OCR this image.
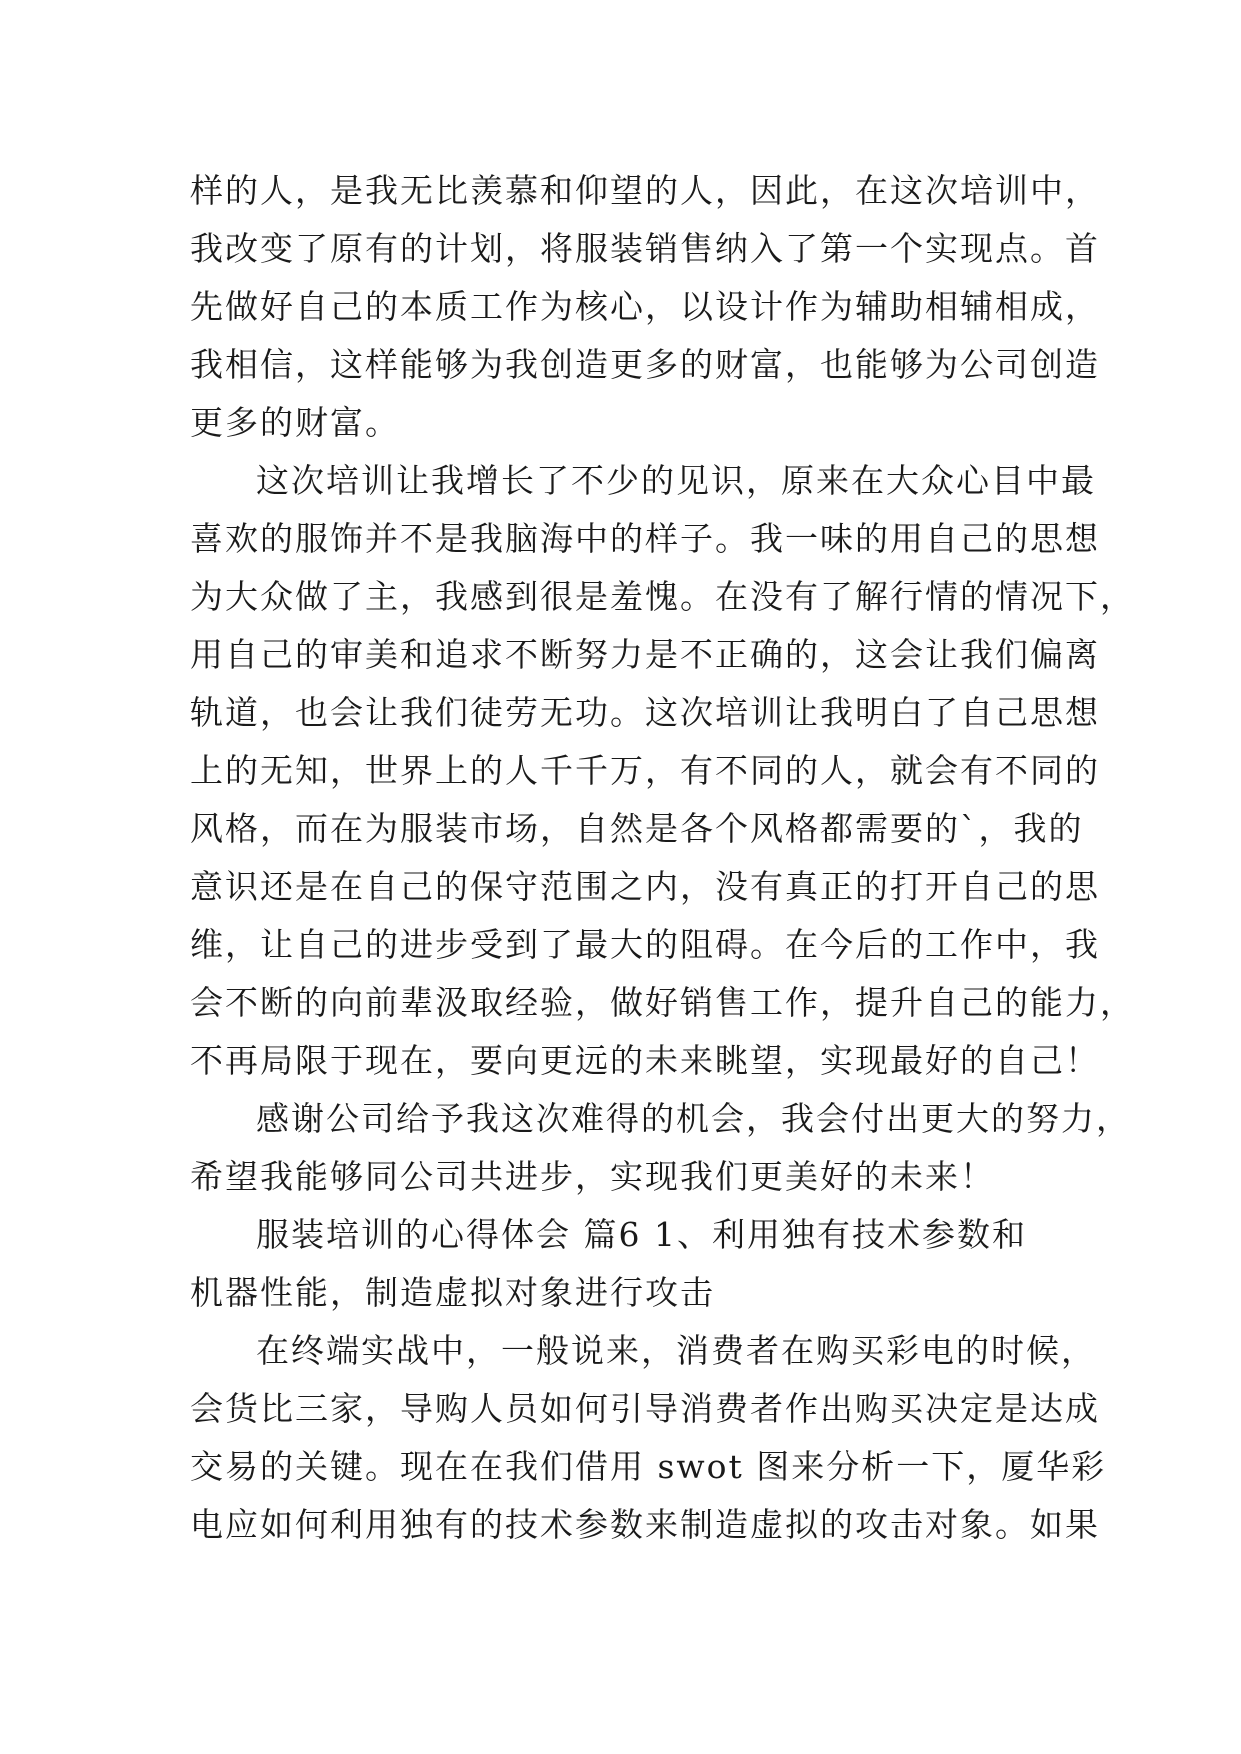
样的人，是我无比羡慕和仰望的人，因此，在这次培训中，
我改变了原有的计划，将服装销售纳入了第一个实现点。首
先做好自己的本质工作为核心，以设计作为辅助相辅相成，
我相信，这样能够为我创造更多的财富，也能够为公司创造
更多的财富。
这次培训让我增长了不少的见识，原来在大众心目中最
喜欢的服饰并不是我脑海中的样子。我一味的用自己的思想
为大众做了主，我感到很是羞愧。在没有了解行情的情况下，
用自己的审美和追求不断努力是不正确的，这会让我们偏离
轨道，也会让我们徒劳无功。这次培训让我明白了自己思想
上的无知，世界上的人千千万，有不同的人，就会有不同的
风格，而在为服装市场，自然是各个风格都需要的`，我的
意识还是在自己的保守范围之内，没有真正的打开自己的思
维，让自己的进步受到了最大的阻碍。在今后的工作中，我
会不断的向前辈汲取经验，做好销售工作，提升自己的能力，
不再局限于现在，要向更远的未来眺望，实现最好的自己！
感谢公司给予我这次难得的机会，我会付出更大的努力，
希望我能够同公司共进步，实现我们更美好的未来！
服装培训的心得体会 篇6 1、利用独有技术参数和
机器性能，制造虚拟对象进行攻击
在终端实战中，一般说来，消费者在购买彩电的时候，
会货比三家，导购人员如何引导消费者作出购买决定是达成
交易的关键。现在在我们借用 swot 图来分析一下，厦华彩
电应如何利用独有的技术参数来制造虚拟的攻击对象。如果
